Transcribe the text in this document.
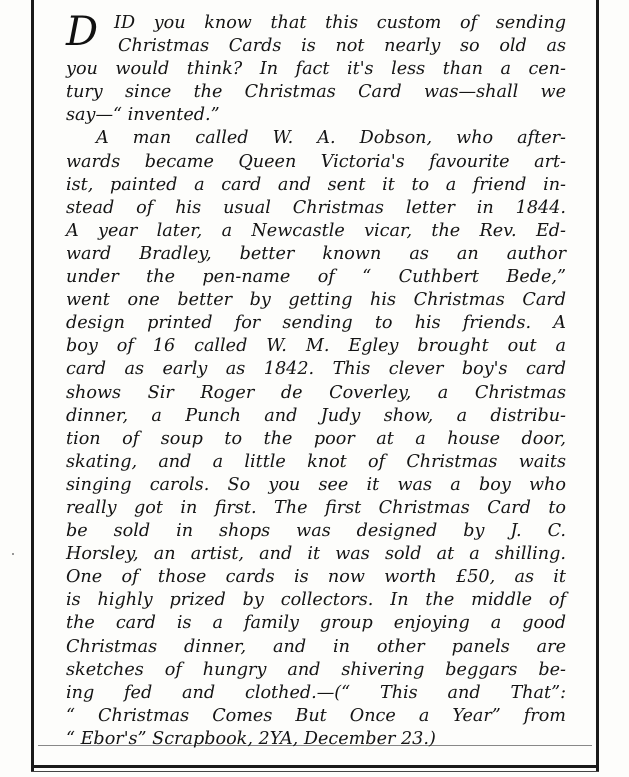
D ID you know that this custom of sending
Christmas Cards is not nearly so old as
you would think? In fact it's less than a cen-
tury since the Christmas Card was—shall we
say—“ invented.”
A man called W. A. Dobson, who after-
wards became Queen Victoria's favourite art-
ist, painted a card and sent it to a friend in-
stead of his usual Christmas letter in 1844.
A year later, a Newcastle vicar, the Rev. Ed-
ward Bradley, better known as an author
under the pen-name of “ Cuthbert Bede,”
went one better by getting his Christmas Card
design printed for sending to his friends. A
boy of 16 called W. M. Egley brought out a
card as early as 1842. This clever boy's card
shows Sir Roger de Coverley, a Christmas
dinner, a Punch and Judy show, a distribu-
tion of soup to the poor at a house door,
skating, and a little knot of Christmas waits
singing carols. So you see it was a boy who
really got in first. The first Christmas Card to
be sold in shops was designed by J. C.
Horsley, an artist, and it was sold at a shilling.
One of those cards is now worth £50, as it
is highly prized by collectors. In the middle of
the card is a family group enjoying a good
Christmas dinner, and in other panels are
sketches of hungry and shivering beggars be-
ing fed and clothed.—(“ This and That”:
“ Christmas Comes But Once a Year” from
“ Ebor's” Scrapbook, 2YA, December 23.)
